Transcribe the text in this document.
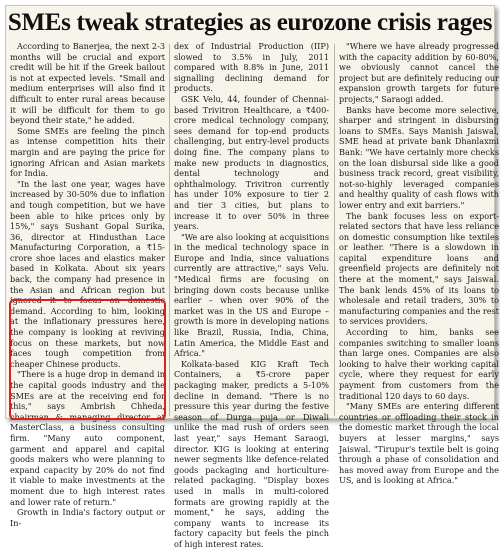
SMEs tweak strategies as eurozone crisis rages

According to Banerjea, the next 2-3 months will be crucial and export credit will be hit if the Greek bailout is not at expected levels. "Small and medium enterprises will also find it difficult to enter rural areas because it will be difficult for them to go beyond their state," he added.

Some SMEs are feeling the pinch as intense competition hits their margin and are paying the price for ignoring African and Asian markets for India.

"In the last one year, wages have increased by 30-50% due to inflation and tough competition, but we have been able to hike prices only by 15%," says Sushant Gopal Surika, 36, director at Hindusthan Lace Manufacturing Corporation, a ₹15-crore shoe laces and elastics maker based in Kolkata. About six years back, the company had presence in the Asian and African region but ignored it to focus on domestic demand. According to him, looking at the inflationary pressures here, the company is looking at reviving focus on these markets, but now faces tough competition from cheaper Chinese products.

"There is a huge drop in demand in the capital goods industry and the SMEs are at the receiving end for this," says Ambrish Chheda, chairman & managing director at MasterClass, a business consulting firm. "Many auto component, garment and apparel and capital goods makers who were planning to expand capacity by 20% do not find it viable to make investments at the moment due to high interest rates and lower rate of return."

Growth in India's factory output or In-

dex of Industrial Production (IIP) slowed to 3.5% in July, 2011 compared with 8.8% in June, 2011 signalling declining demand for products.

GSK Velu, 44, founder of Chennai-based Trivitron Healthcare, a ₹400-crore medical technology company, sees demand for top-end products challenging, but entry-level products doing fine. The company plans to make new products in diagnostics, dental technology and ophthalmology. Trivitron currently has under 10% exposure to tier 2 and tier 3 cities, but plans to increase it to over 50% in three years.

"We are also looking at acquisitions in the medical technology space in Europe and India, since valuations currently are attractive," says Velu. "Medical firms are focusing on bringing down costs because unlike earlier – when over 90% of the market was in the US and Europe – growth is more in developing nations like Brazil, Russia, India, China, Latin America, the Middle East and Africa."

Kolkata-based KIG Kraft Tech Containers, a ₹5-crore paper packaging maker, predicts a 5-10% decline in demand. "There is no pressure this year during the festive season of Durga puja or Diwali unlike the mad rush of orders seen last year," says Hemant Saraogi, director. KIG is looking at entering newer segments like defence-related goods packaging and horticulture-related packaging. "Display boxes used in malls in multi-colored formats are growing rapidly at the moment," he says, adding the company wants to increase its factory capacity but feels the pinch of high interest rates.

"Where we have already progressed with the capacity addition by 60-80%, we obviously cannot cancel the project but are definitely reducing our expansion growth targets for future projects," Saraogi added.

Banks have become more selective, sharper and stringent in disbursing loans to SMEs. Says Manish Jaiswal, SME head at private bank Dhanlaxmi Bank: "We have certainly more checks on the loan disbursal side like a good business track record, great visibility, not-so-highly leveraged companies and healthy quality of cash flows with lower entry and exit barriers."

The bank focuses less on export-related sectors that have less reliance on domestic consumption like textiles or leather. "There is a slowdown in capital expenditure loans and greenfield projects are definitely not there at the moment," says Jaiswal. The bank lends 45% of its loans to wholesale and retail traders, 30% to manufacturing companies and the rest to services providers.

According to him, banks see companies switching to smaller loans than large ones. Companies are also looking to halve their working capital cycle, where they request for early payment from customers from the traditional 120 days to 60 days.

"Many SMEs are entering different countries or offloading their stock in the domestic market through the local buyers at lesser margins," says Jaiswal. "Tirupur's textile belt is going through a phase of consolidation and has moved away from Europe and the US, and is looking at Africa."
